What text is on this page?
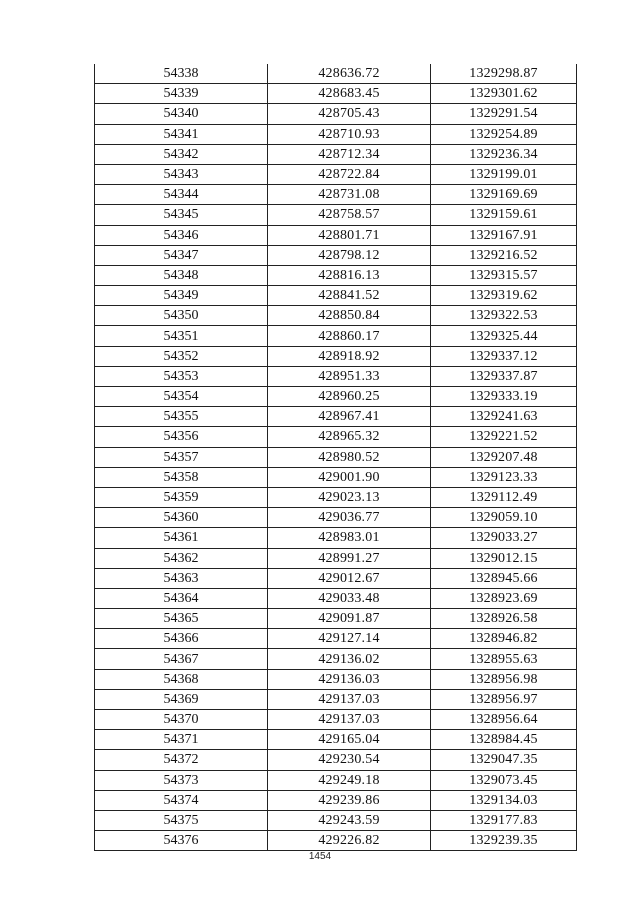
54338	428636.72	1329298.87
54339	428683.45	1329301.62
54340	428705.43	1329291.54
54341	428710.93	1329254.89
54342	428712.34	1329236.34
54343	428722.84	1329199.01
54344	428731.08	1329169.69
54345	428758.57	1329159.61
54346	428801.71	1329167.91
54347	428798.12	1329216.52
54348	428816.13	1329315.57
54349	428841.52	1329319.62
54350	428850.84	1329322.53
54351	428860.17	1329325.44
54352	428918.92	1329337.12
54353	428951.33	1329337.87
54354	428960.25	1329333.19
54355	428967.41	1329241.63
54356	428965.32	1329221.52
54357	428980.52	1329207.48
54358	429001.90	1329123.33
54359	429023.13	1329112.49
54360	429036.77	1329059.10
54361	428983.01	1329033.27
54362	428991.27	1329012.15
54363	429012.67	1328945.66
54364	429033.48	1328923.69
54365	429091.87	1328926.58
54366	429127.14	1328946.82
54367	429136.02	1328955.63
54368	429136.03	1328956.98
54369	429137.03	1328956.97
54370	429137.03	1328956.64
54371	429165.04	1328984.45
54372	429230.54	1329047.35
54373	429249.18	1329073.45
54374	429239.86	1329134.03
54375	429243.59	1329177.83
54376	429226.82	1329239.35
1454
